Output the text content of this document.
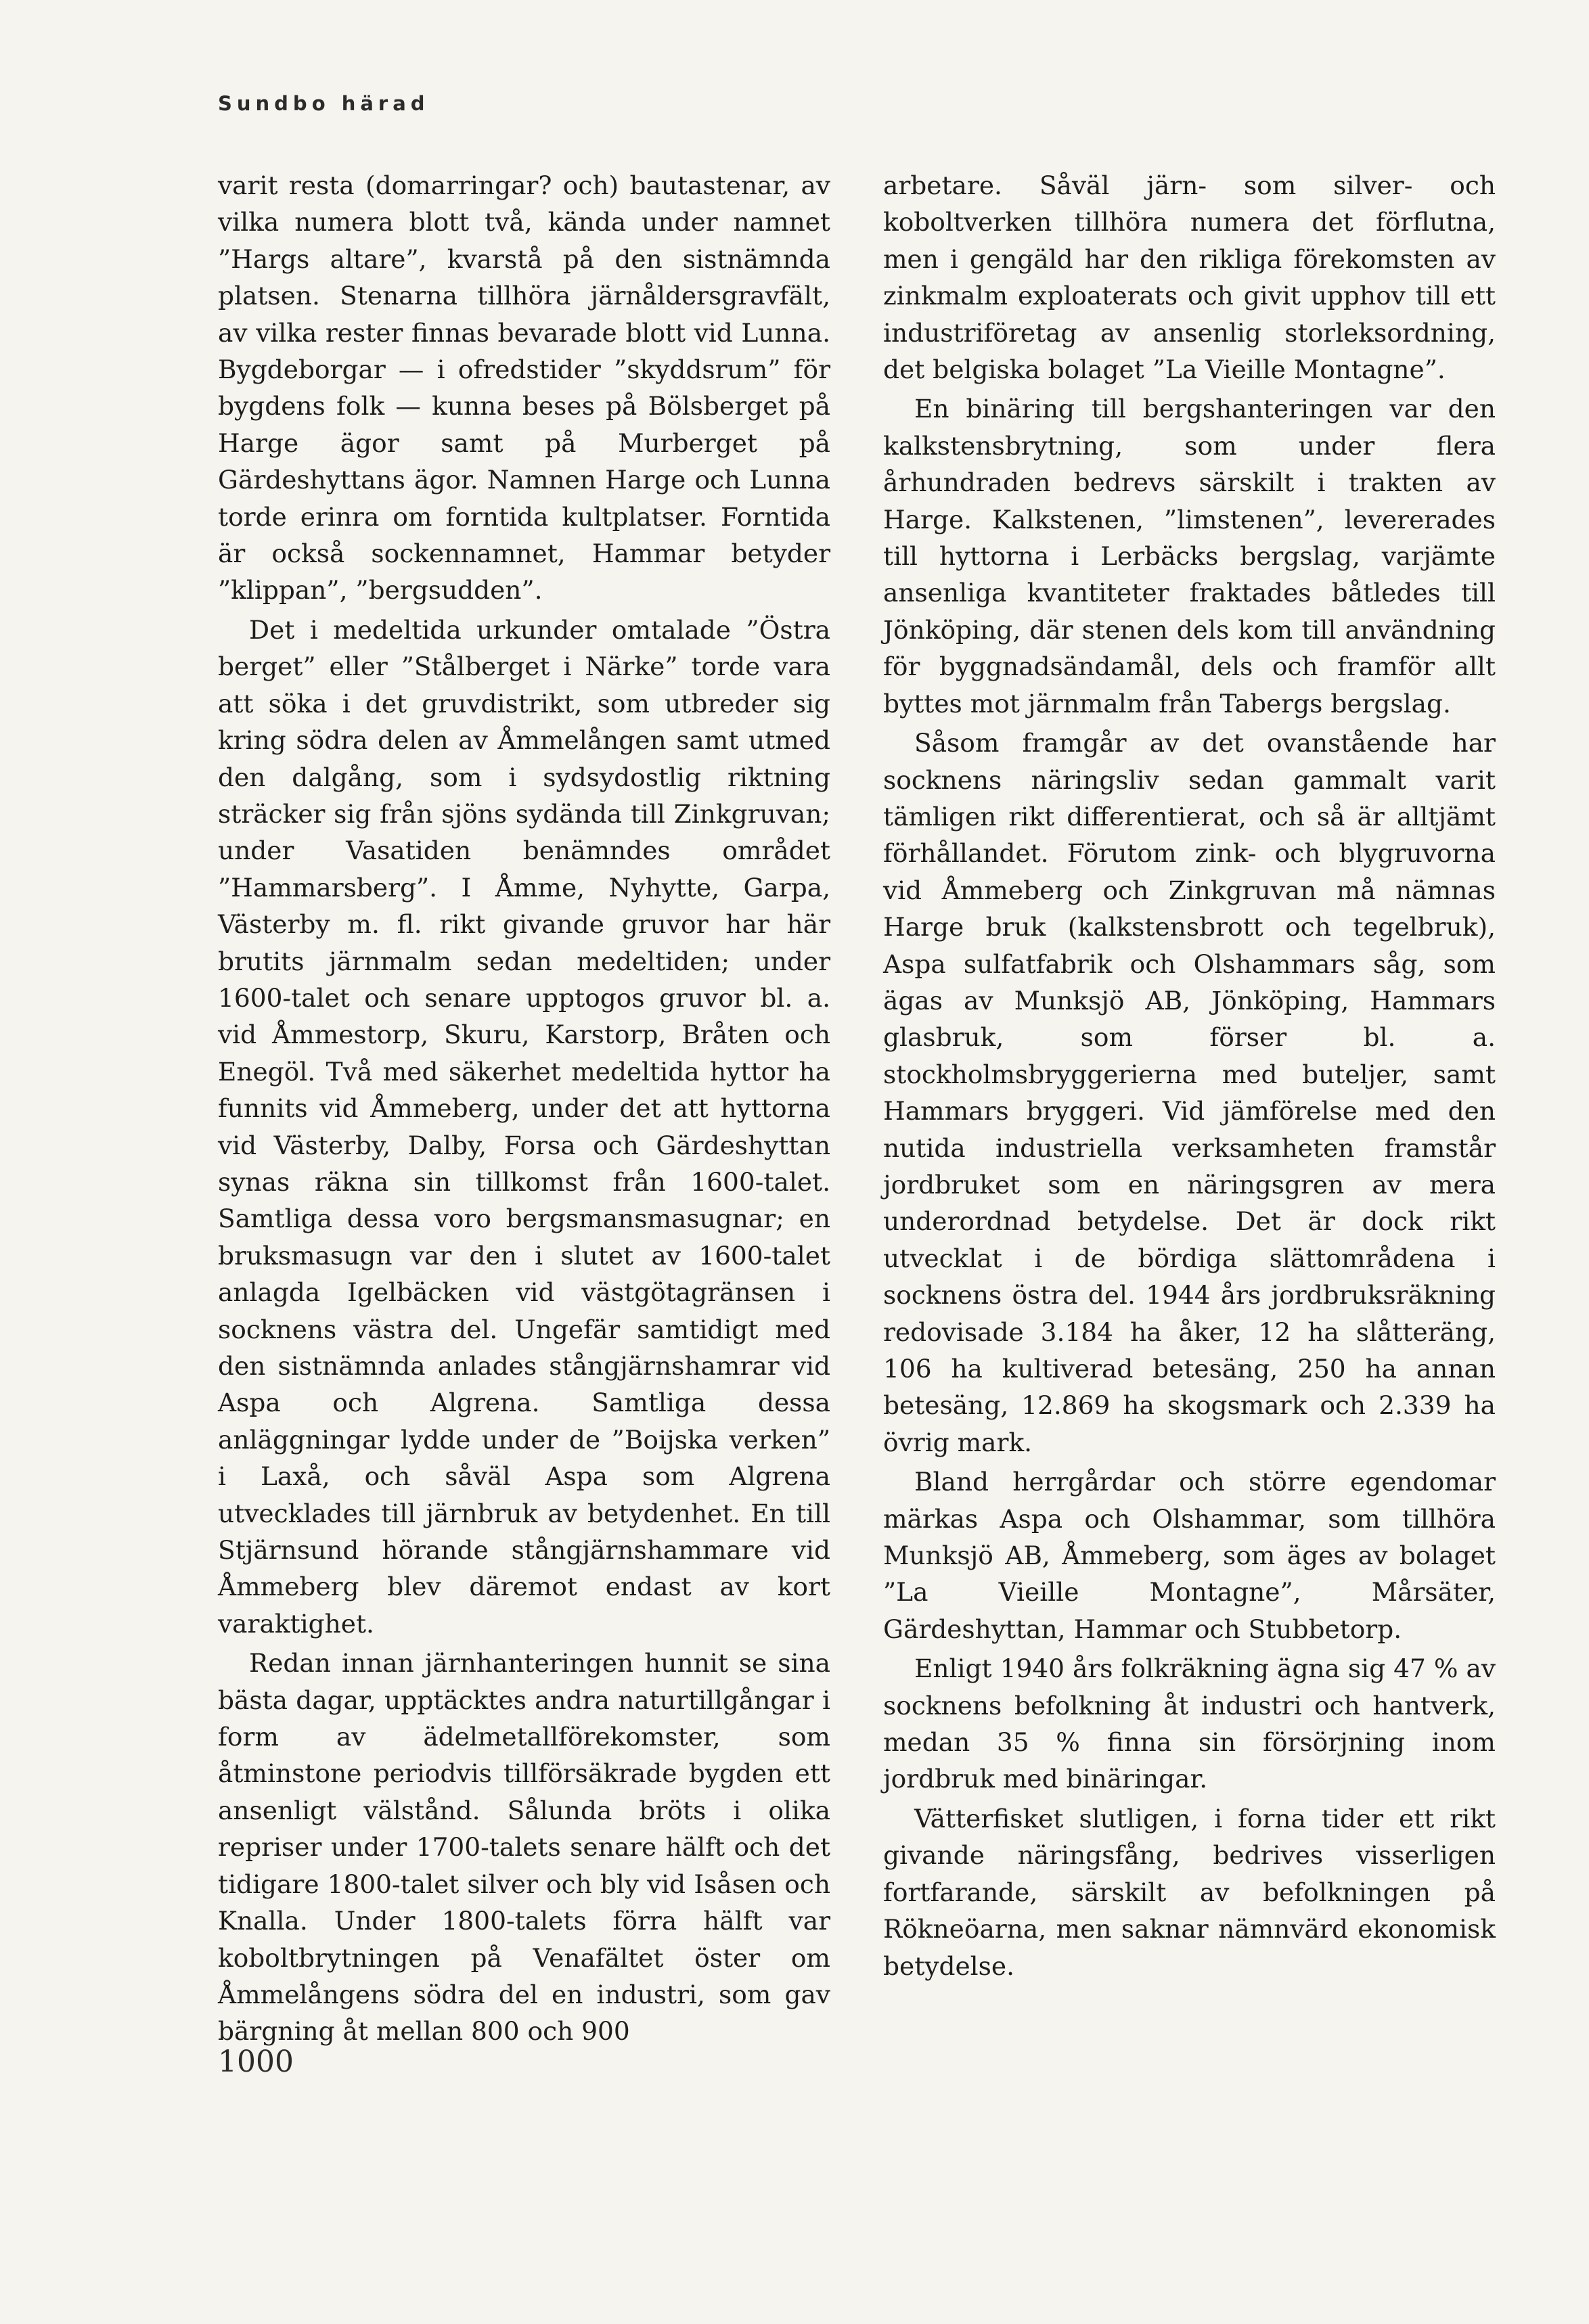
Sundbo härad

varit resta (domarringar? och) bautastenar, av vilka numera blott två, kända under namnet ”Hargs altare”, kvarstå på den sistnämnda platsen. Stenarna tillhöra järnåldersgravfält, av vilka rester finnas bevarade blott vid Lunna. Bygdeborgar — i ofredstider ”skyddsrum” för bygdens folk — kunna beses på Bölsberget på Harge ägor samt på Murberget på Gärdeshyttans ägor. Namnen Harge och Lunna torde erinra om forntida kultplatser. Forntida är också sockennamnet, Hammar betyder ”klippan”, ”bergsudden”.

Det i medeltida urkunder omtalade ”Östra berget” eller ”Stålberget i Närke” torde vara att söka i det gruvdistrikt, som utbreder sig kring södra delen av Åmmelången samt utmed den dalgång, som i sydsydostlig riktning sträcker sig från sjöns sydända till Zinkgruvan; under Vasatiden benämndes området ”Hammarsberg”. I Åmme, Nyhytte, Garpa, Västerby m. fl. rikt givande gruvor har här brutits järnmalm sedan medeltiden; under 1600-talet och senare upptogos gruvor bl. a. vid Åmmestorp, Skuru, Karstorp, Bråten och Enegöl. Två med säkerhet medeltida hyttor ha funnits vid Åmmeberg, under det att hyttorna vid Västerby, Dalby, Forsa och Gärdeshyttan synas räkna sin tillkomst från 1600-talet. Samtliga dessa voro bergsmansmasugnar; en bruksmasugn var den i slutet av 1600-talet anlagda Igelbäcken vid västgötagränsen i socknens västra del. Ungefär samtidigt med den sistnämnda anlades stångjärnshamrar vid Aspa och Algrena. Samtliga dessa anläggningar lydde under de ”Boijska verken” i Laxå, och såväl Aspa som Algrena utvecklades till järnbruk av betydenhet. En till Stjärnsund hörande stångjärnshammare vid Åmmeberg blev däremot endast av kort varaktighet.

Redan innan järnhanteringen hunnit se sina bästa dagar, upptäcktes andra naturtillgångar i form av ädelmetallförekomster, som åtminstone periodvis tillförsäkrade bygden ett ansenligt välstånd. Sålunda bröts i olika repriser under 1700-talets senare hälft och det tidigare 1800-talet silver och bly vid Isåsen och Knalla. Under 1800-talets förra hälft var koboltbrytningen på Venafältet öster om Åmmelångens södra del en industri, som gav bärgning åt mellan 800 och 900

arbetare. Såväl järn- som silver- och koboltverken tillhöra numera det förflutna, men i gengäld har den rikliga förekomsten av zinkmalm exploaterats och givit upphov till ett industriföretag av ansenlig storleksordning, det belgiska bolaget ”La Vieille Montagne”.

En binäring till bergshanteringen var den kalkstensbrytning, som under flera århundraden bedrevs särskilt i trakten av Harge. Kalkstenen, ”limstenen”, levererades till hyttorna i Lerbäcks bergslag, varjämte ansenliga kvantiteter fraktades båtledes till Jönköping, där stenen dels kom till användning för byggnadsändamål, dels och framför allt byttes mot järnmalm från Tabergs bergslag.

Såsom framgår av det ovanstående har socknens näringsliv sedan gammalt varit tämligen rikt differentierat, och så är alltjämt förhållandet. Förutom zink- och blygruvorna vid Åmmeberg och Zinkgruvan må nämnas Harge bruk (kalkstensbrott och tegelbruk), Aspa sulfatfabrik och Olshammars såg, som ägas av Munksjö AB, Jönköping, Hammars glasbruk, som förser bl. a. stockholmsbryggerierna med buteljer, samt Hammars bryggeri. Vid jämförelse med den nutida industriella verksamheten framstår jordbruket som en näringsgren av mera underordnad betydelse. Det är dock rikt utvecklat i de bördiga slättområdena i socknens östra del. 1944 års jordbruksräkning redovisade 3.184 ha åker, 12 ha slåtteräng, 106 ha kultiverad betesäng, 250 ha annan betesäng, 12.869 ha skogsmark och 2.339 ha övrig mark.

Bland herrgårdar och större egendomar märkas Aspa och Olshammar, som tillhöra Munksjö AB, Åmmeberg, som äges av bolaget ”La Vieille Montagne”, Mårsäter, Gärdeshyttan, Hammar och Stubbetorp.

Enligt 1940 års folkräkning ägna sig 47 % av socknens befolkning åt industri och hantverk, medan 35 % finna sin försörjning inom jordbruk med binäringar.

Vätterfisket slutligen, i forna tider ett rikt givande näringsfång, bedrives visserligen fortfarande, särskilt av befolkningen på Rökneöarna, men saknar nämnvärd ekonomisk betydelse.

1000
